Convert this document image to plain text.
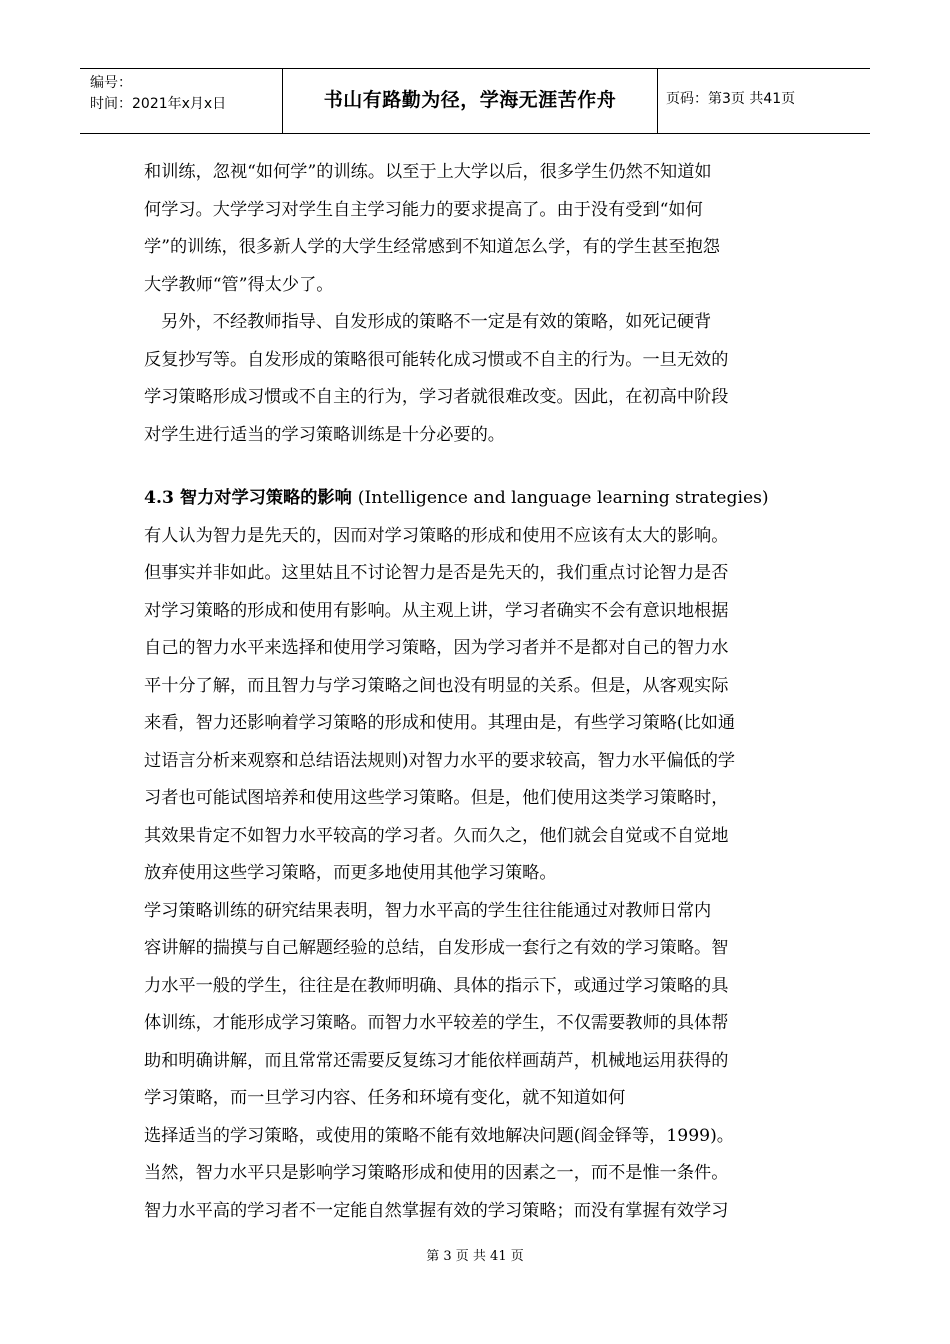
编号：
时间：2021年x月x日	书山有路勤为径，学海无涯苦作舟	页码：第3页 共41页
和训练，忽视“如何学”的训练。以至于上大学以后，很多学生仍然不知道如
何学习。大学学习对学生自主学习能力的要求提高了。由于没有受到“如何
学”的训练，很多新人学的大学生经常感到不知道怎么学，有的学生甚至抱怨
大学教师“管”得太少了。
　另外，不经教师指导、自发形成的策略不一定是有效的策略，如死记硬背
反复抄写等。自发形成的策略很可能转化成习惯或不自主的行为。一旦无效的
学习策略形成习惯或不自主的行为，学习者就很难改变。因此，在初高中阶段
对学生进行适当的学习策略训练是十分必要的。
4.3 智力对学习策略的影响 (Intelligence and language learning strategies)
有人认为智力是先天的，因而对学习策略的形成和使用不应该有太大的影响。
但事实并非如此。这里姑且不讨论智力是否是先天的，我们重点讨论智力是否
对学习策略的形成和使用有影响。从主观上讲，学习者确实不会有意识地根据
自己的智力水平来选择和使用学习策略，因为学习者并不是都对自己的智力水
平十分了解，而且智力与学习策略之间也没有明显的关系。但是，从客观实际
来看，智力还影响着学习策略的形成和使用。其理由是，有些学习策略(比如通
过语言分析来观察和总结语法规则)对智力水平的要求较高，智力水平偏低的学
习者也可能试图培养和使用这些学习策略。但是，他们使用这类学习策略时，
其效果肯定不如智力水平较高的学习者。久而久之，他们就会自觉或不自觉地
放弃使用这些学习策略，而更多地使用其他学习策略。
学习策略训练的研究结果表明，智力水平高的学生往往能通过对教师日常内
容讲解的揣摸与自己解题经验的总结，自发形成一套行之有效的学习策略。智
力水平一般的学生，往往是在教师明确、具体的指示下，或通过学习策略的具
体训练，才能形成学习策略。而智力水平较差的学生，不仅需要教师的具体帮
助和明确讲解，而且常常还需要反复练习才能依样画葫芦，机械地运用获得的
学习策略，而一旦学习内容、任务和环境有变化，就不知道如何
选择适当的学习策略，或使用的策略不能有效地解决问题(阎金铎等，1999)。
当然，智力水平只是影响学习策略形成和使用的因素之一，而不是惟一条件。
智力水平高的学习者不一定能自然掌握有效的学习策略；而没有掌握有效学习
第 3 页 共 41 页
